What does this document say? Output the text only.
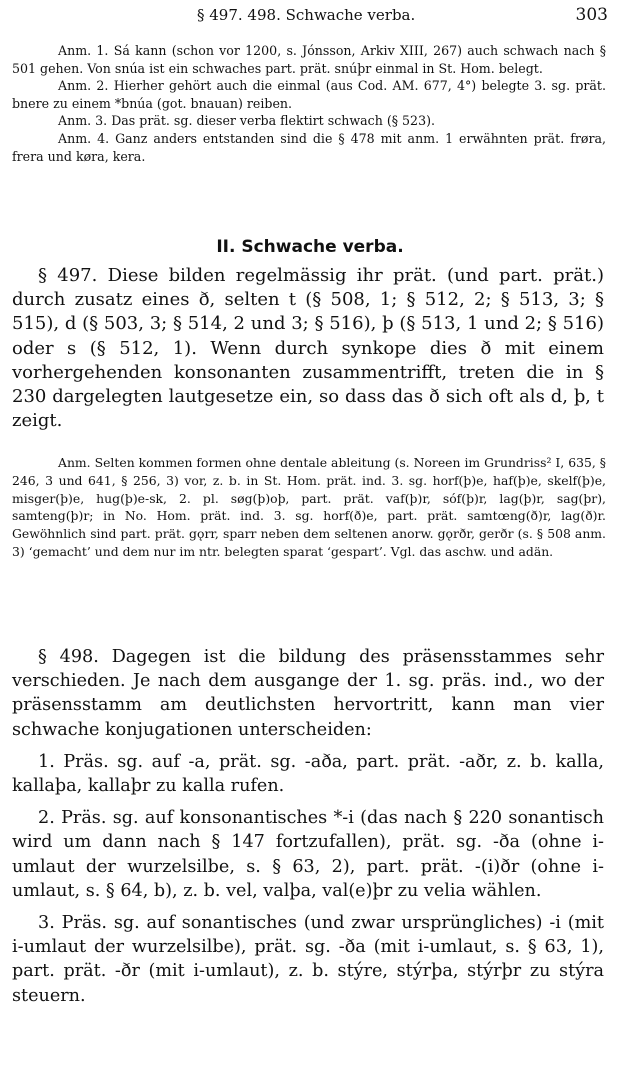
§ 497. 498. Schwache verba.	303

Anm. 1. Sá kann (schon vor 1200, s. Jónsson, Arkiv XIII, 267) auch schwach nach § 501 gehen. Von snúa ist ein schwaches part. prät. snúþr einmal in St. Hom. belegt.

Anm. 2. Hierher gehört auch die einmal (aus Cod. AM. 677, 4°) belegte 3. sg. prät. bnere zu einem *bnúa (got. bnauan) reiben.

Anm. 3. Das prät. sg. dieser verba flektirt schwach (§ 523).

Anm. 4. Ganz anders entstanden sind die § 478 mit anm. 1 erwähnten prät. frøra, frera und køra, kera.

II. Schwache verba.

§ 497. Diese bilden regelmässig ihr prät. (und part. prät.) durch zusatz eines ð, selten t (§ 508, 1; § 512, 2; § 513, 3; § 515), d (§ 503, 3; § 514, 2 und 3; § 516), þ (§ 513, 1 und 2; § 516) oder s (§ 512, 1). Wenn durch synkope dies ð mit einem vorhergehenden konsonanten zusammentrifft, treten die in § 230 dargelegten lautgesetze ein, so dass das ð sich oft als d, þ, t zeigt.

Anm. Selten kommen formen ohne dentale ableitung (s. Noreen im Grundriss² I, 635, § 246, 3 und 641, § 256, 3) vor, z. b. in St. Hom. prät. ind. 3. sg. horf(þ)e, haf(þ)e, skelf(þ)e, misger(þ)e, hug(þ)e-sk, 2. pl. søg(þ)oþ, part. prät. vaf(þ)r, sóf(þ)r, lag(þ)r, sag(þr), samteng(þ)r; in No. Hom. prät. ind. 3. sg. horf(ð)e, part. prät. samtœng(ð)r, lag(ð)r. Gewöhnlich sind part. prät. gǫrr, sparr neben dem seltenen anorw. gǫrðr, gerðr (s. § 508 anm. 3) ‘gemacht’ und dem nur im ntr. belegten sparat ‘gespart’. Vgl. das aschw. und adän.

§ 498. Dagegen ist die bildung des präsensstammes sehr verschieden. Je nach dem ausgange der 1. sg. präs. ind., wo der präsensstamm am deutlichsten hervortritt, kann man vier schwache konjugationen unterscheiden:

1. Präs. sg. auf -a, prät. sg. -aða, part. prät. -aðr, z. b. kalla, kallaþa, kallaþr zu kalla rufen.

2. Präs. sg. auf konsonantisches *-i (das nach § 220 sonantisch wird um dann nach § 147 fortzufallen), prät. sg. -ða (ohne i-umlaut der wurzelsilbe, s. § 63, 2), part. prät. -(i)ðr (ohne i-umlaut, s. § 64, b), z. b. vel, valþa, val(e)þr zu velia wählen.

3. Präs. sg. auf sonantisches (und zwar ursprüngliches) -i (mit i-umlaut der wurzelsilbe), prät. sg. -ða (mit i-umlaut, s. § 63, 1), part. prät. -ðr (mit i-umlaut), z. b. stýre, stýrþa, stýrþr zu stýra steuern.
